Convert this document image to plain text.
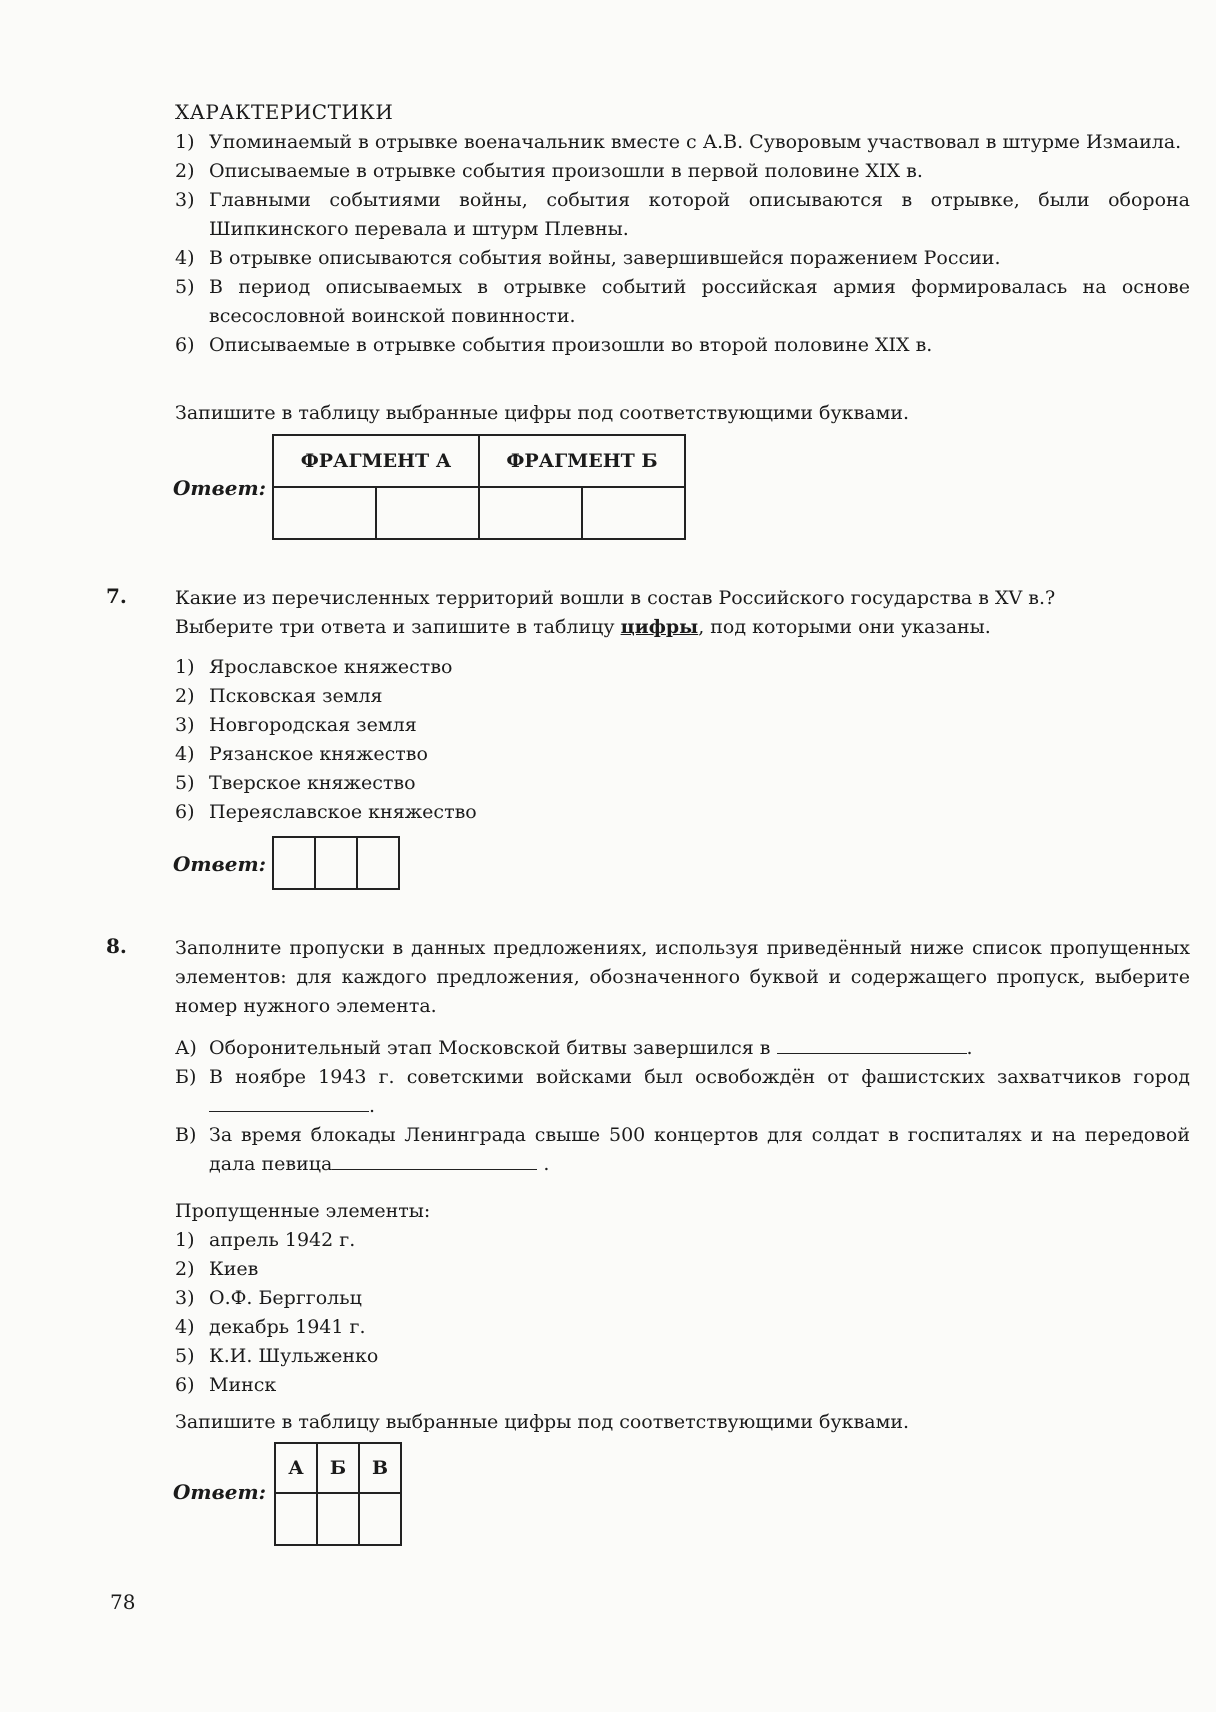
ХАРАКТЕРИСТИКИ
1) Упоминаемый в отрывке военачальник вместе с А.В. Суворовым участвовал в штурме Измаила.
2) Описываемые в отрывке события произошли в первой половине XIX в.
3) Главными событиями войны, события которой описываются в отрывке, были оборона Шипкинского перевала и штурм Плевны.
4) В отрывке описываются события войны, завершившейся поражением России.
5) В период описываемых в отрывке событий российская армия формировалась на основе всесословной воинской повинности.
6) Описываемые в отрывке события произошли во второй половине XIX в.
Запишите в таблицу выбранные цифры под соответствующими буквами.
Ответ:
ФРАГМЕНТ А		ФРАГМЕНТ Б	

7.	Какие из перечисленных территорий вошли в состав Российского государства в XV в.?
Выберите три ответа и запишите в таблицу цифры, под которыми они указаны.
1) Ярославское княжество
2) Псковская земля
3) Новгородская земля
4) Рязанское княжество
5) Тверское княжество
6) Переяславское княжество
Ответ:

8.	Заполните пропуски в данных предложениях, используя приведённый ниже список пропущенных элементов: для каждого предложения, обозначенного буквой и содержащего пропуск, выберите номер нужного элемента.
А) Оборонительный этап Московской битвы завершился в	.
Б) В ноябре 1943 г. советскими войсками был освобождён от фашистских захватчиков город .
В) За время блокады Ленинграда свыше 500 концертов для солдат в госпиталях и на передовой дала певица	.
Пропущенные элементы:
1) апрель 1942 г.
2) Киев
3) О.Ф. Берггольц
4) декабрь 1941 г.
5) К.И. Шульженко
6) Минск
Запишите в таблицу выбранные цифры под соответствующими буквами.
Ответ:
А	Б	В

78
